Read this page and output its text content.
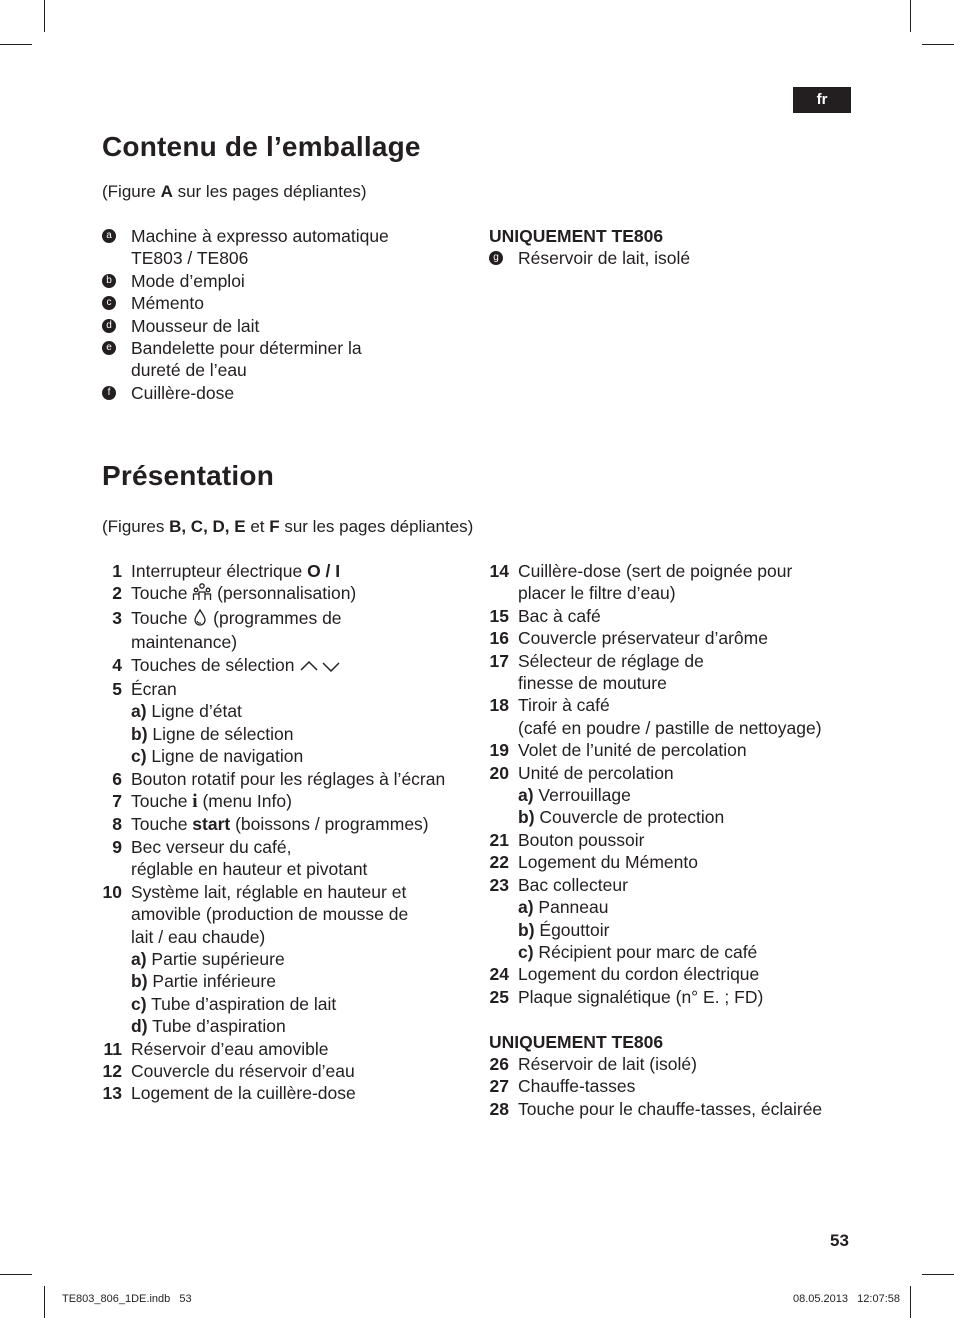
fr
Contenu de l’emballage
(Figure A sur les pages dépliantes)
a Machine à expresso automatique
TE803 / TE806
b Mode d’emploi
c Mémento
d Mousseur de lait
e Bandelette pour déterminer la
dureté de l’eau
f	Cuillère-dose
UNIQUEMENT TE806
g Réservoir de lait, isolé
Présentation
(Figures B, C, D, E et F sur les pages dépliantes)
1 Interrupteur électrique O / I
2 Touche  (personnalisation)
3 Touche  (programmes de
maintenance)
4 Touches de sélection
5 Écran
a) Ligne d’état
b) Ligne de sélection
c) Ligne de navigation
6 Bouton rotatif pour les réglages à l’écran
7 Touche i (menu Info)
8 Touche start (boissons / programmes)
9 Bec verseur du café,
réglable en hauteur et pivotant
10 Système lait, réglable en hauteur et
amovible (production de mousse de
lait / eau chaude)
a) Partie supérieure
b) Partie inférieure
c) Tube d’aspiration de lait
d) Tube d’aspiration
11 Réservoir d’eau amovible
12 Couvercle du réservoir d’eau
13 Logement de la cuillère-dose
14 Cuillère-dose (sert de poignée pour
placer le filtre d’eau)
15 Bac à café
16 Couvercle préservateur d’arôme
17 Sélecteur de réglage de
finesse de mouture
18 Tiroir à café
(café en poudre / pastille de nettoyage)
19 Volet de l’unité de percolation
20 Unité de percolation
a) Verrouillage
b) Couvercle de protection
21 Bouton poussoir
22 Logement du Mémento
23 Bac collecteur
a) Panneau
b) Égouttoir
c) Récipient pour marc de café
24 Logement du cordon électrique
25 Plaque signalétique (n° E. ; FD)
UNIQUEMENT TE806
26 Réservoir de lait (isolé)
27 Chauffe-tasses
28 Touche pour le chauffe-tasses, éclairée
53
TE803_806_1DE.indb   53	08.05.2013   12:07:58
